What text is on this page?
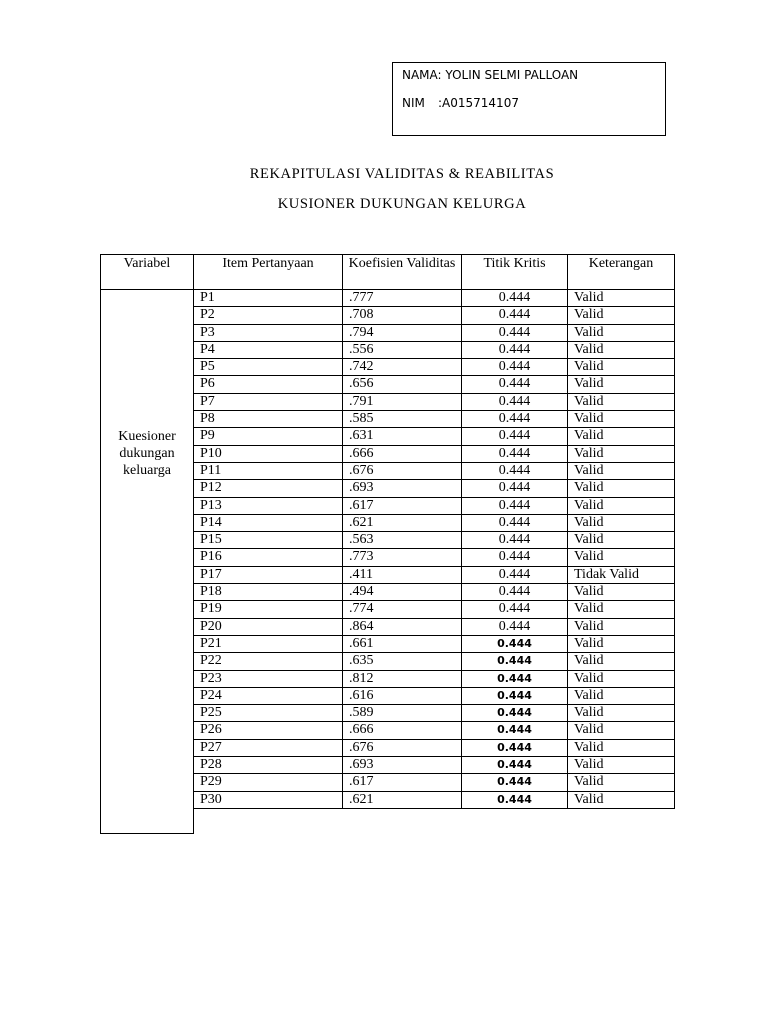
NAMA: YOLIN SELMI PALLOAN
NIM :A015714107
REKAPITULASI VALIDITAS & REABILITAS
KUSIONER DUKUNGAN KELURGA
Variabel	Item Pertanyaan	Koefisien Validitas	Titik Kritis	Keterangan
Kuesioner dukungan keluarga	P1	.777	0.444	Valid
	P2	.708	0.444	Valid
	P3	.794	0.444	Valid
	P4	.556	0.444	Valid
	P5	.742	0.444	Valid
	P6	.656	0.444	Valid
	P7	.791	0.444	Valid
	P8	.585	0.444	Valid
	P9	.631	0.444	Valid
	P10	.666	0.444	Valid
	P11	.676	0.444	Valid
	P12	.693	0.444	Valid
	P13	.617	0.444	Valid
	P14	.621	0.444	Valid
	P15	.563	0.444	Valid
	P16	.773	0.444	Valid
	P17	.411	0.444	Tidak Valid
	P18	.494	0.444	Valid
	P19	.774	0.444	Valid
	P20	.864	0.444	Valid
	P21	.661	0.444	Valid
	P22	.635	0.444	Valid
	P23	.812	0.444	Valid
	P24	.616	0.444	Valid
	P25	.589	0.444	Valid
	P26	.666	0.444	Valid
	P27	.676	0.444	Valid
	P28	.693	0.444	Valid
	P29	.617	0.444	Valid
	P30	.621	0.444	Valid
